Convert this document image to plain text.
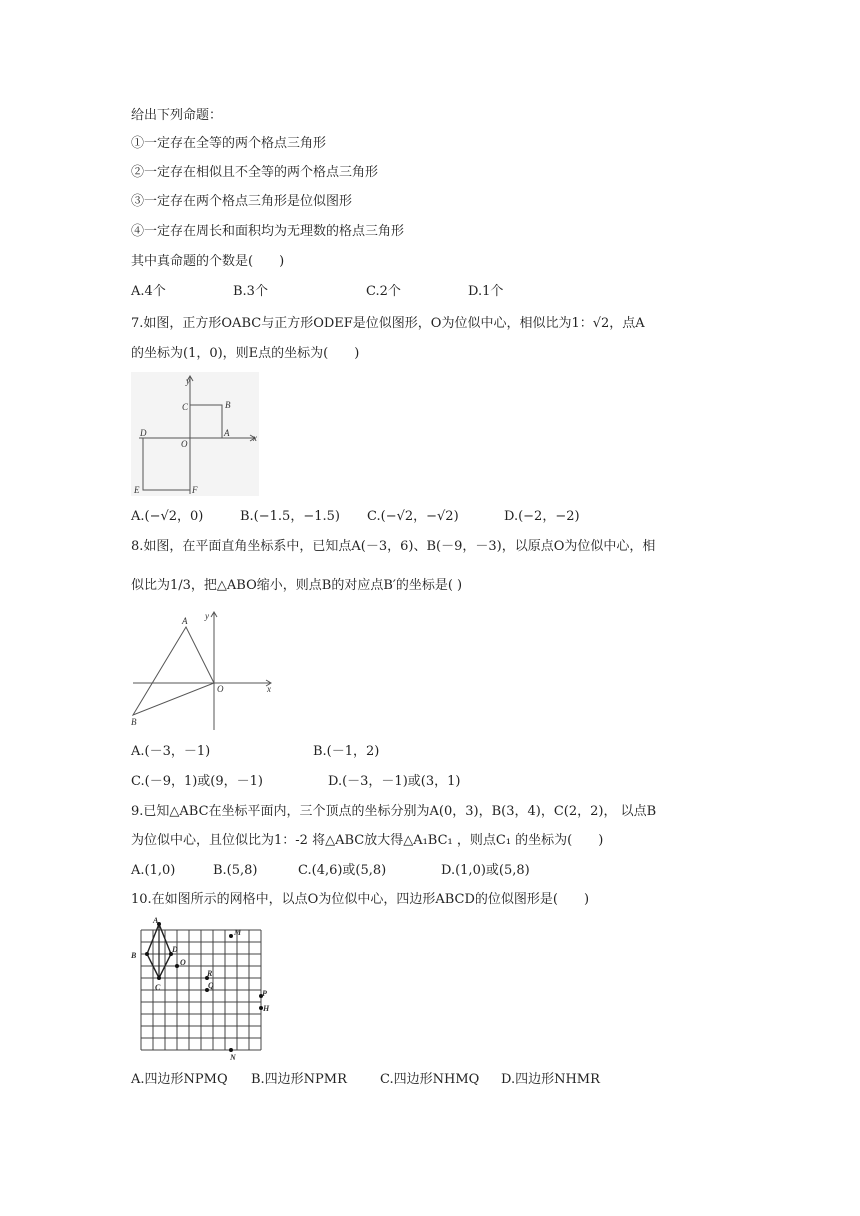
给出下列命题：
①一定存在全等的两个格点三角形
②一定存在相似且不全等的两个格点三角形
③一定存在两个格点三角形是位似图形
④一定存在周长和面积均为无理数的格点三角形
其中真命题的个数是(　　)
A.4个	B.3个	C.2个	D.1个
7.如图，正方形OABC与正方形ODEF是位似图形，O为位似中心，相似比为1：√2，点A
的坐标为(1，0)，则E点的坐标为(　　)
y
x
C	B
D	A
O
E	F
A.(−√2，0)	B.(−1.5，−1.5) C.(−√2，−√2)	D.(−2，−2)
8.如图，在平面直角坐标系中，已知点A(－3，6)、B(－9，－3)，以原点O为位似中心，相
似比为1/3，把△ABO缩小，则点B的对应点B′的坐标是( )
A y
O	x
B
A.(－3，－1)	B.(－1，2)
C.(－9，1)或(9，－1)	D.(－3，－1)或(3，1)
9.已知△ABC在坐标平面内，三个顶点的坐标分别为A(0，3)，B(3，4)，C(2，2)， 以点B
为位似中心，且位似比为1：-2 将△ABC放大得△A₁BC₁ ，则点C₁ 的坐标为(　　)
A.(1,0)	B.(5,8)	C.(4,6)或(5,8)	D.(1,0)或(5,8)
10.在如图所示的网格中，以点O为位似中心，四边形ABCD的位似图形是(　　)
A
M
B
D
O
R
Q
C
P
H
N
A.四边形NPMQ B.四边形NPMR	C.四边形NHMQ D.四边形NHMR
